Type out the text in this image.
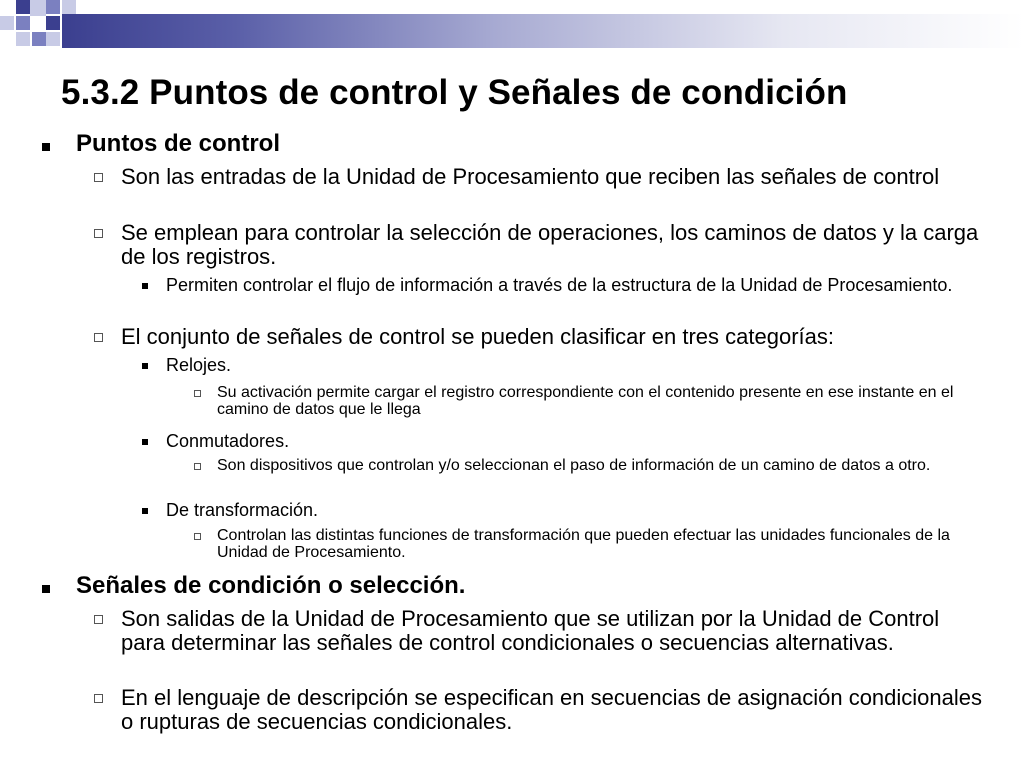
5.3.2 Puntos de control y Señales de condición
Puntos de control
Son las entradas de la Unidad de Procesamiento que reciben las señales de control
Se emplean para controlar la selección de operaciones, los caminos de datos y la carga de los registros.
Permiten controlar el flujo de información a través de la estructura de la Unidad de Procesamiento.
El conjunto de señales de control se pueden clasificar en tres categorías:
Relojes.
Su activación permite cargar el registro correspondiente con el contenido presente en ese instante en el camino de datos que le llega
Conmutadores.
Son dispositivos que controlan y/o seleccionan el paso de información de un camino de datos a otro.
De transformación.
Controlan las distintas funciones de transformación que pueden efectuar las unidades funcionales de la Unidad de Procesamiento.
Señales de condición o selección.
Son salidas de la Unidad de Procesamiento que se utilizan por la Unidad de Control para determinar las señales de control condicionales o secuencias alternativas.
En el lenguaje de descripción se especifican en secuencias de asignación condicionales o rupturas de secuencias condicionales.
